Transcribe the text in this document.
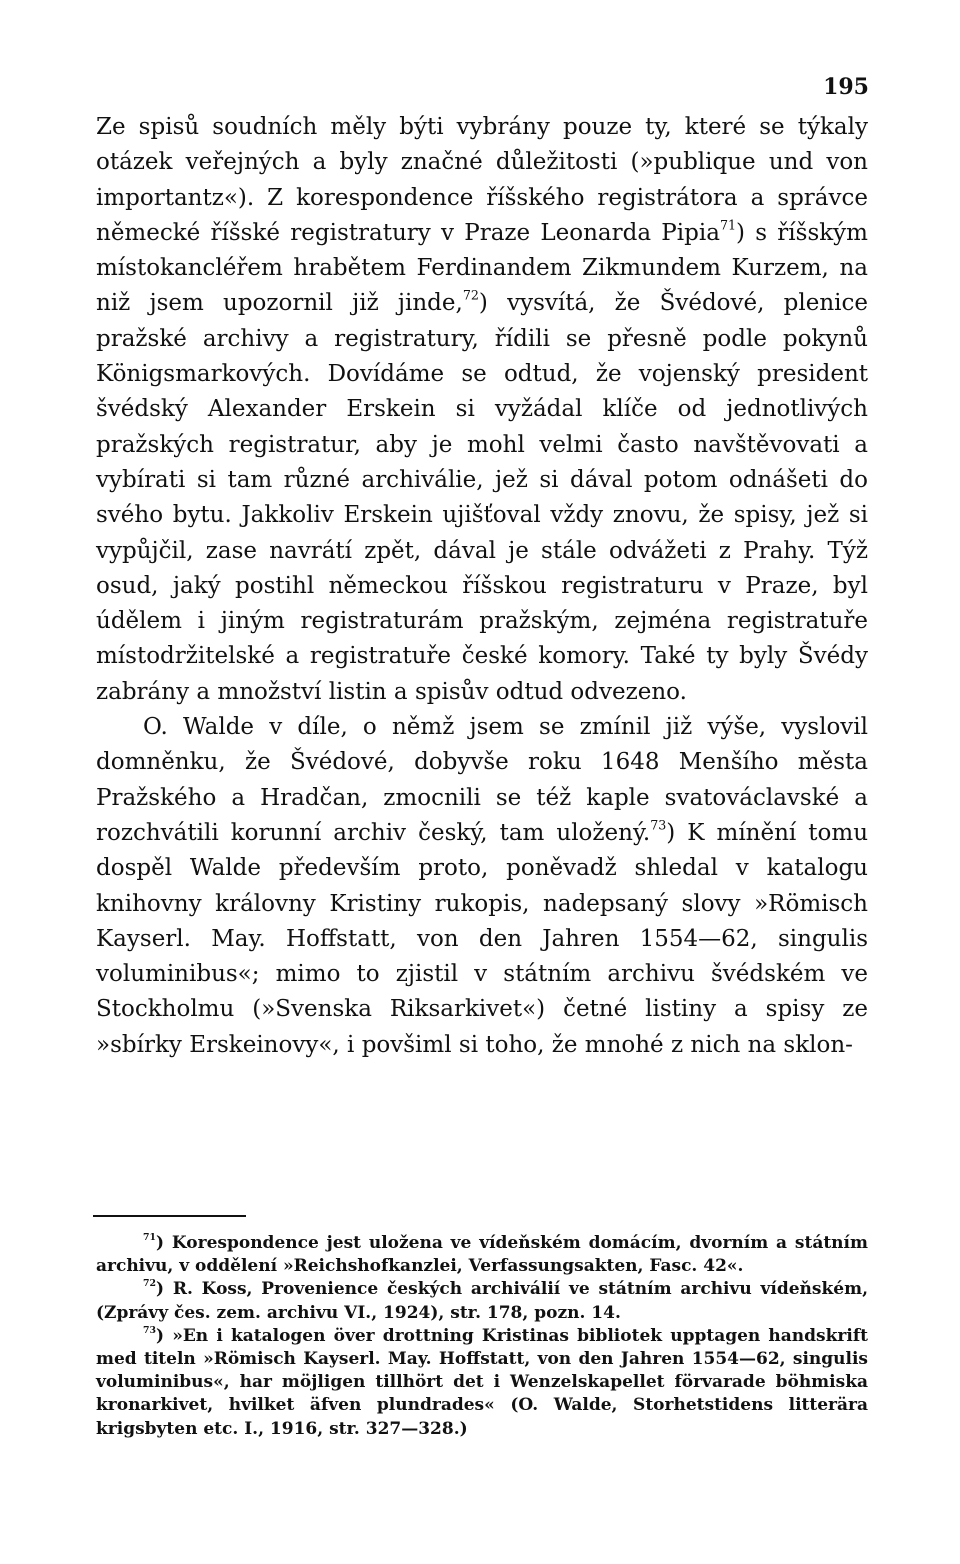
195

Ze spisů soudních měly býti vybrány pouze ty, které se týkaly otázek veřejných a byly značné důležitosti (»publique und von importantz«). Z korespondence říšského registrátora a správce německé říšské registratury v Praze Leonarda Pipia$^{71}$) s říšským místokancléřem hrabětem Ferdinandem Zikmundem Kurzem, na niž jsem upozornil již jinde,$^{72}$) vysvítá, že Švédové, plenice pražské archivy a registratury, řídili se přesně podle pokynů Königsmarkových. Dovídáme se odtud, že vojenský president švédský Alexander Erskein si vyžádal klíče od jednotlivých pražských registratur, aby je mohl velmi často navštěvovati a vybírati si tam různé archiválie, jež si dával potom odnášeti do svého bytu. Jakkoliv Erskein ujišťoval vždy znovu, že spisy, jež si vypůjčil, zase navrátí zpět, dával je stále odvážeti z Prahy. Týž osud, jaký postihl německou říšskou registraturu v Praze, byl údělem i jiným registraturám pražským, zejména registratuře místodržitelské a registratuře české komory. Také ty byly Švédy zabrány a množství listin a spisův odtud odvezeno.

O. Walde v díle, o němž jsem se zmínil již výše, vyslovil domněnku, že Švédové, dobyvše roku 1648 Menšího města Pražského a Hradčan, zmocnili se též kaple svatováclavské a rozchvátili korunní archiv český, tam uložený.$^{73}$) K mínění tomu dospěl Walde především proto, poněvadž shledal v katalogu knihovny královny Kristiny rukopis, nadepsaný slovy »Römisch Kayserl. May. Hoffstatt, von den Jahren 1554—62, singulis voluminibus«; mimo to zjistil v státním archivu švédském ve Stockholmu (»Svenska Riksarkivet«) četné listiny a spisy ze »sbírky Erskeinovy«, i povšiml si toho, že mnohé z nich na sklon-

$^{71}$) Korespondence jest uložena ve vídeňském domácím, dvorním a státním archivu, v oddělení »Reichshofkanzlei, Verfassungsakten, Fasc. 42«.

$^{72}$) R. Koss, Provenience českých archiválií ve státním archivu vídeňském, (Zprávy čes. zem. archivu VI., 1924), str. 178, pozn. 14.

$^{73}$) »En i katalogen över drottning Kristinas bibliotek upptagen handskrift med titeln »Römisch Kayserl. May. Hoffstatt, von den Jahren 1554—62, singulis voluminibus«, har möjligen tillhört det i Wenzelskapellet förvarade böhmiska kronarkivet, hvilket äfven plundrades« (O. Walde, Storhetstidens litterära krigsbyten etc. I., 1916, str. 327—328.)
